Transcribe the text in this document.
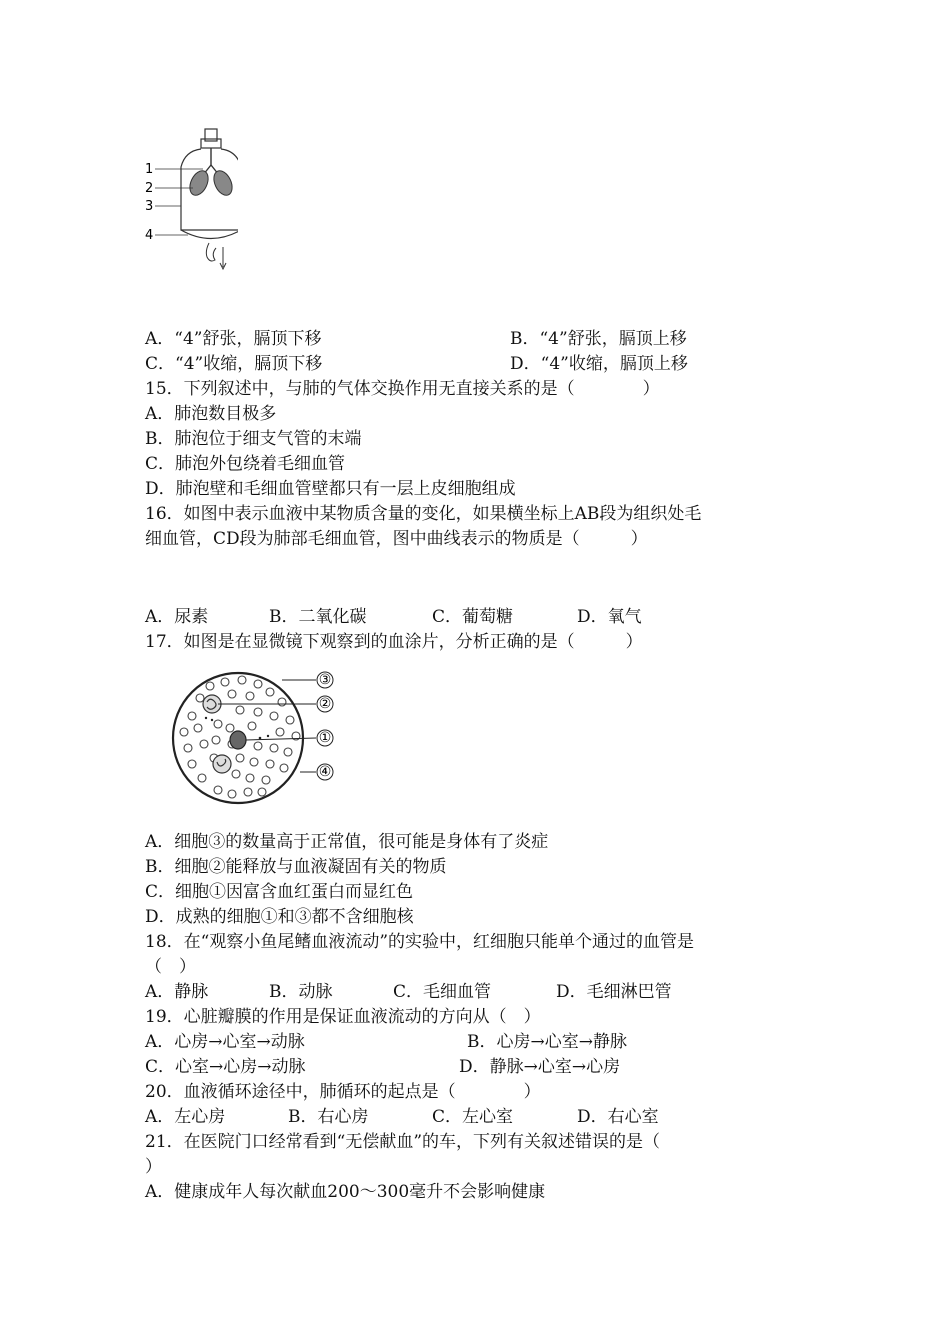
1
2
3
4
A．“4”舒张，膈顶下移	B．“4”舒张，膈顶上移
C．“4”收缩，膈顶下移	D．“4”收缩，膈顶上移
15．下列叙述中，与肺的气体交换作用无直接关系的是（　　　　）
A．肺泡数目极多
B．肺泡位于细支气管的末端
C．肺泡外包绕着毛细血管
D．肺泡壁和毛细血管壁都只有一层上皮细胞组成
16．如图中表示血液中某物质含量的变化，如果横坐标上AB段为组织处毛
细血管，CD段为肺部毛细血管，图中曲线表示的物质是（　　　）
A．尿素	B．二氧化碳	C．葡萄糖	D．氧气
17．如图是在显微镜下观察到的血涂片，分析正确的是（　　　）
③
②
①
④
A．细胞③的数量高于正常值，很可能是身体有了炎症
B．细胞②能释放与血液凝固有关的物质
C．细胞①因富含血红蛋白而显红色
D．成熟的细胞①和③都不含细胞核
18．在“观察小鱼尾鳍血液流动”的实验中，红细胞只能单个通过的血管是
（　）
A．静脉	B．动脉	C．毛细血管	D．毛细淋巴管
19．心脏瓣膜的作用是保证血液流动的方向从（　）
A．心房→心室→动脉	B．心房→心室→静脉
C．心室→心房→动脉	D．静脉→心室→心房
20．血液循环途径中，肺循环的起点是（　　　　）
A．左心房	B．右心房	C．左心室	D．右心室
21．在医院门口经常看到“无偿献血”的车，下列有关叙述错误的是（
）
A．健康成年人每次献血200～300毫升不会影响健康
